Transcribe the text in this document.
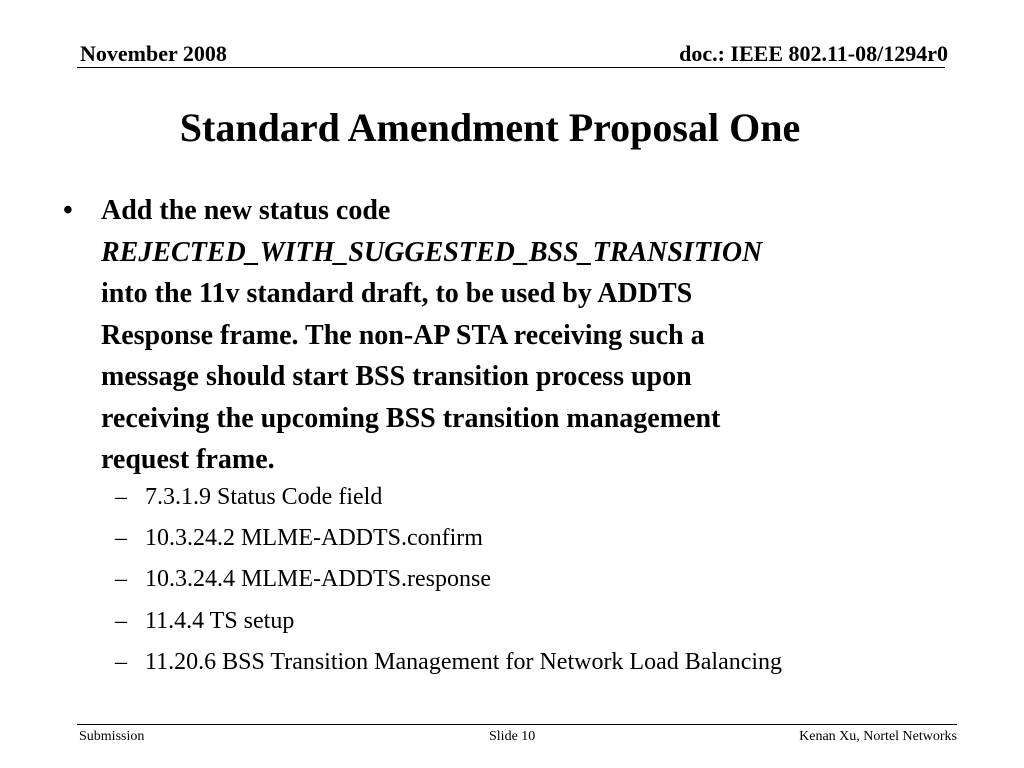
November 2008	doc.: IEEE 802.11-08/1294r0
Standard Amendment Proposal One
• Add the new status code
REJECTED_WITH_SUGGESTED_BSS_TRANSITION
into the 11v standard draft, to be used by ADDTS
Response frame. The non-AP STA receiving such a
message should start BSS transition process upon
receiving the upcoming BSS transition management
request frame.
– 7.3.1.9 Status Code field
– 10.3.24.2 MLME-ADDTS.confirm
– 10.3.24.4 MLME-ADDTS.response
– 11.4.4 TS setup
– 11.20.6 BSS Transition Management for Network Load Balancing
Submission	Slide 10	Kenan Xu, Nortel Networks
